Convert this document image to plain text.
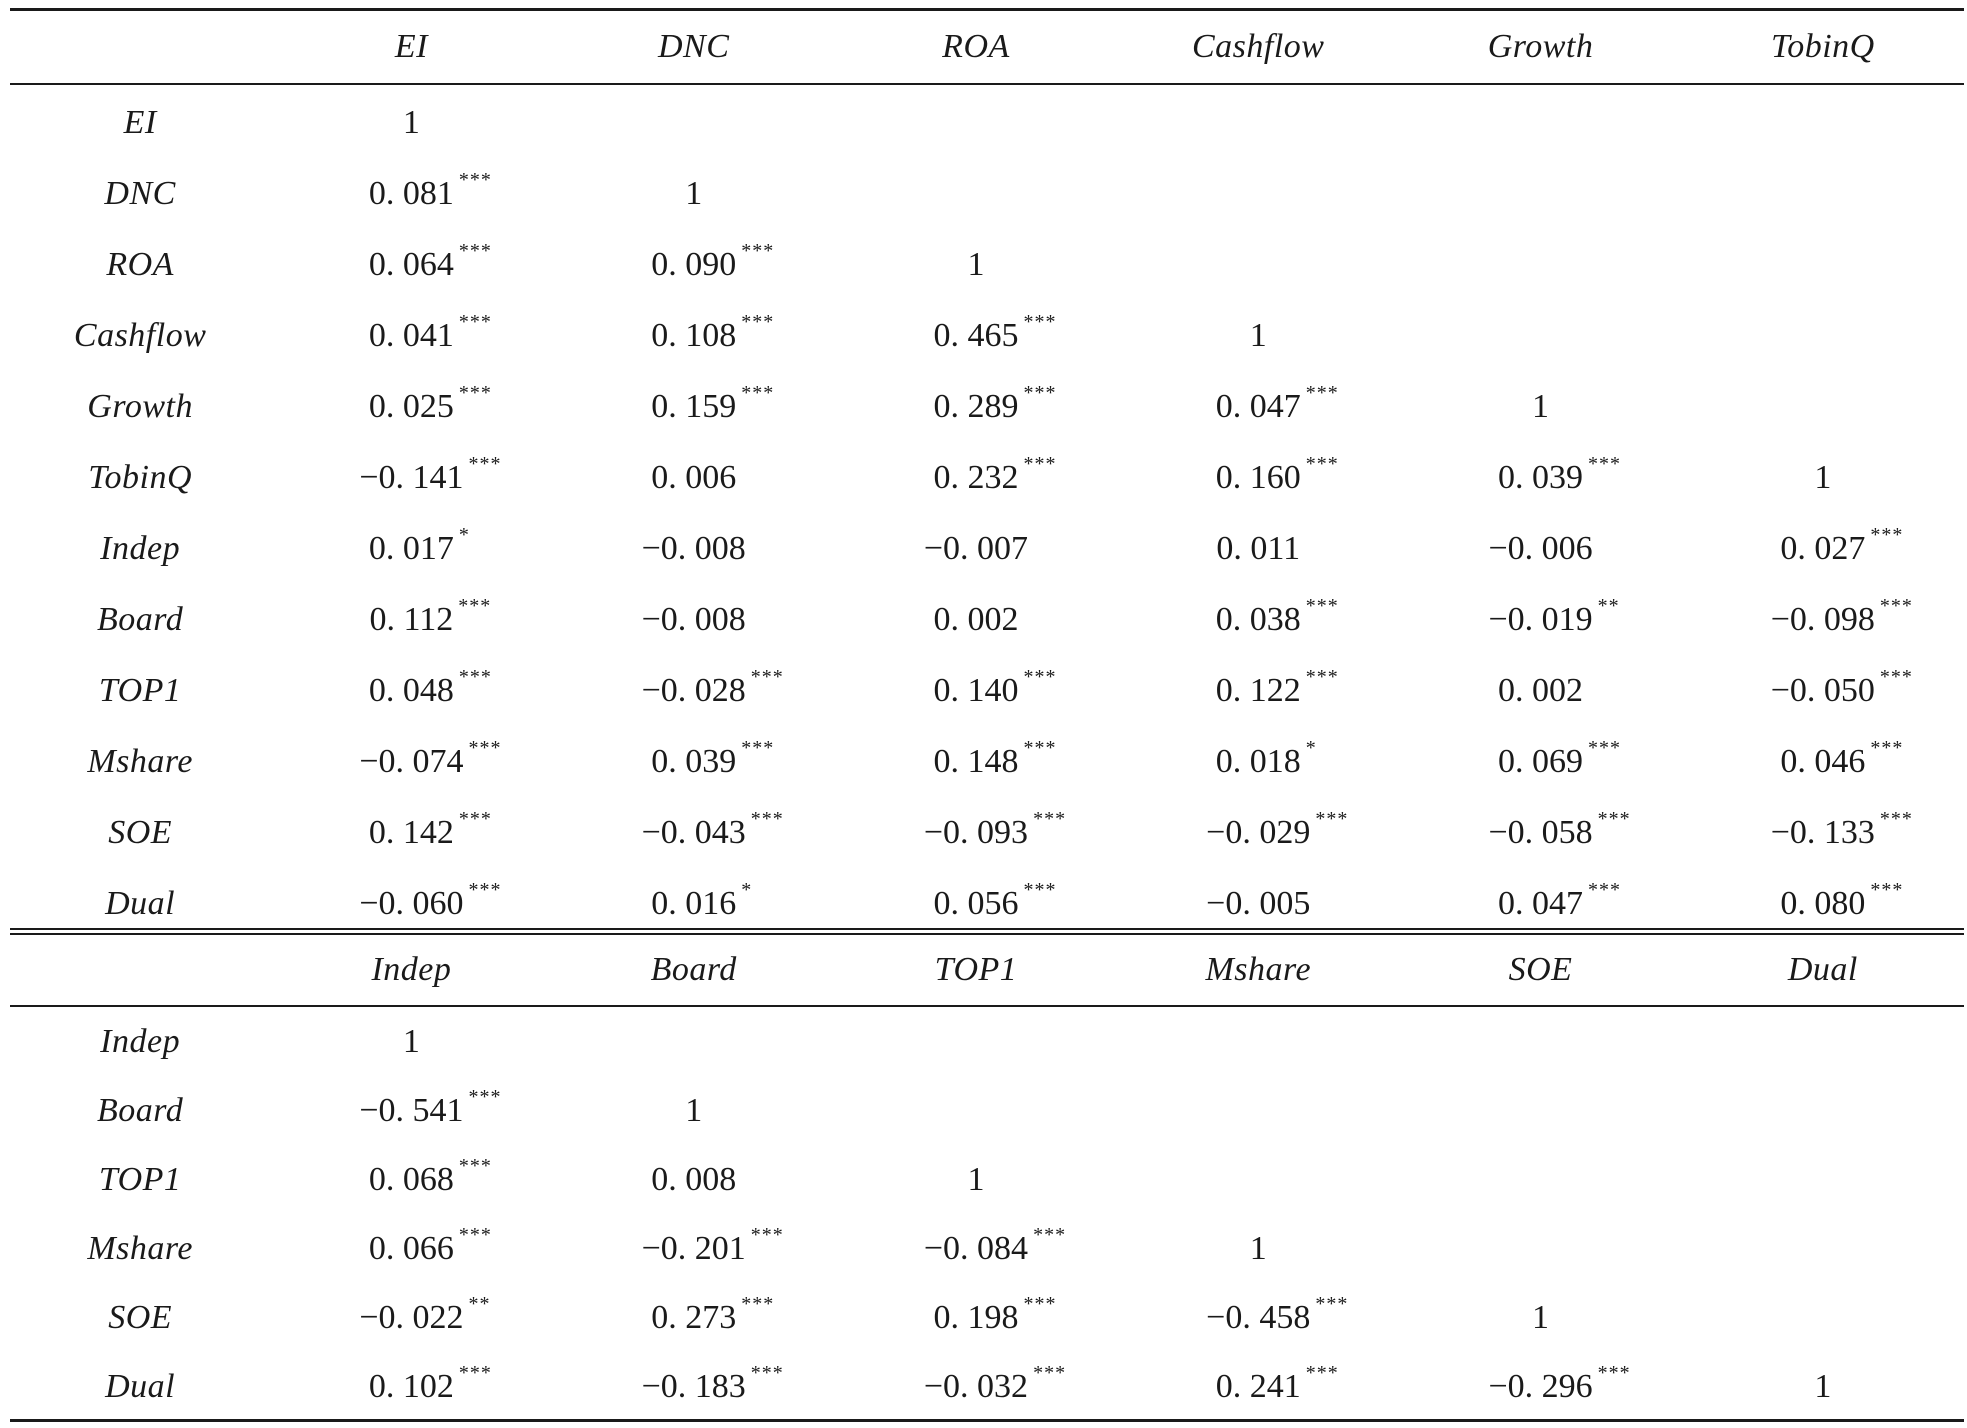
	EI	DNC	ROA	Cashflow	Growth	TobinQ
EI	1					
DNC	0. 081 ***	1				
ROA	0. 064 ***	0. 090 ***	1			
Cashflow	0. 041 ***	0. 108 ***	0. 465 ***	1		
Growth	0. 025 ***	0. 159 ***	0. 289 ***	0. 047 ***	1	
TobinQ	−0. 141 ***	0. 006	0. 232 ***	0. 160 ***	0. 039 ***	1
Indep	0. 017 *	−0. 008	−0. 007	0. 011	−0. 006	0. 027 ***

Board	0. 112 ***	−0. 008	0. 002	0. 038 ***	−0. 019 **	−0. 098 ***

TOP1	0. 048 ***	−0. 028 ***	0. 140 ***	0. 122 ***	0. 002	−0. 050 ***

Mshare	−0. 074 ***	0. 039 ***	0. 148 ***	0. 018 *	0. 069 ***	0. 046 ***

SOE	0. 142 ***	−0. 043 ***	−0. 093 ***	−0. 029 ***	−0. 058 ***	−0. 133 ***

Dual	−0. 060 ***	0. 016 *	0. 056 ***	−0. 005	0. 047 ***	0. 080 ***
	Indep	Board	TOP1	Mshare	SOE	Dual
Indep	1					
Board	−0. 541 ***	1				
TOP1	0. 068 ***	0. 008	1			
Mshare	0. 066 ***	−0. 201 ***	−0. 084 ***	1		
SOE	−0. 022 **	0. 273 ***	0. 198 ***	−0. 458 ***	1	
Dual	0. 102 ***	−0. 183 ***	−0. 032 ***	0. 241 ***	−0. 296 ***	1
